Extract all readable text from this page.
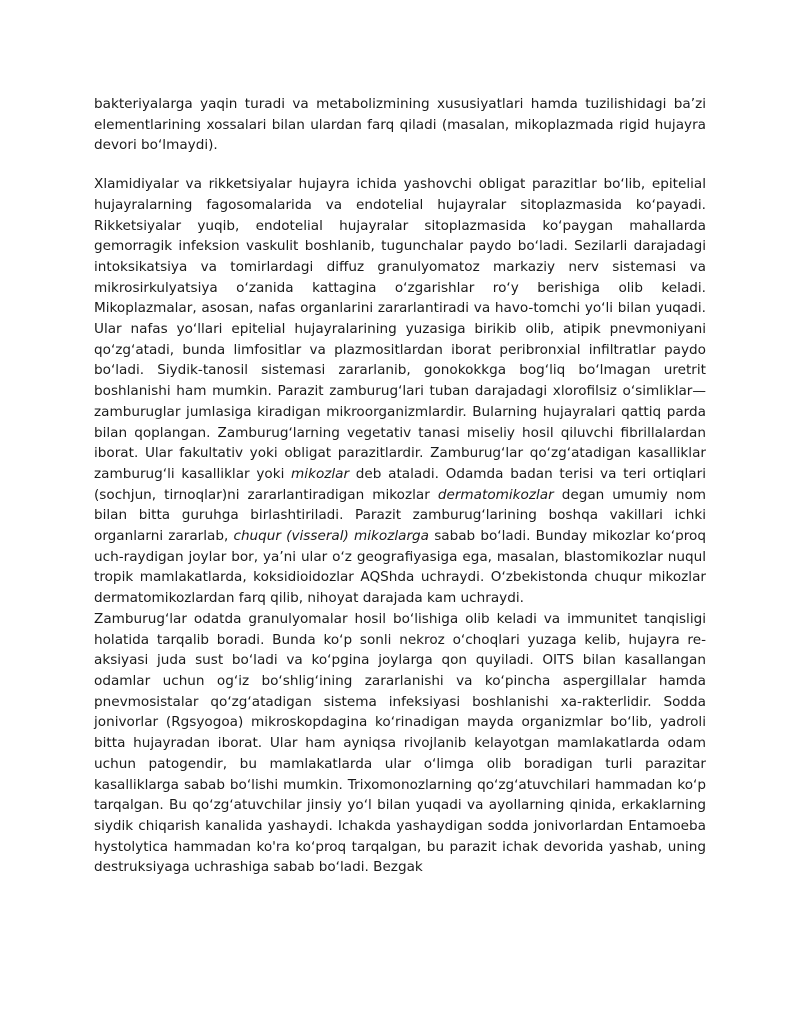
bakteriyalarga yaqin turadi va metabolizmining xususiyatlari hamda tuzilishidagi ba’zi elementlarining xossalari bilan ulardan farq qiladi (masalan, mikoplazmada rigid hujayra devori boʻlmaydi).

Xlamidiyalar va rikketsiyalar hujayra ichida yashovchi obligat parazitlar boʻlib, epitelial hujayralarning fagosomalarida va endotelial hujayralar sitoplazmasida koʻpayadi. Rikketsiyalar yuqib, endotelial hujayralar sitoplazmasida koʻpaygan mahallarda gemorragik infeksion vaskulit boshlanib, tugunchalar paydo boʻladi. Sezilarli darajadagi intoksikatsiya va tomirlardagi diffuz granulyomatoz markaziy nerv sistemasi va mikrosirkulyatsiya oʻzanida kattagina oʻzgarishlar roʻy berishiga olib keladi. Mikoplazmalar, asosan, nafas organlarini zararlantiradi va havo-tomchi yoʻli bilan yuqadi. Ular nafas yoʻllari epitelial hujayralarining yuzasiga birikib olib, atipik pnevmoniyani qoʻzgʻatadi, bunda limfositlar va plazmositlardan iborat peribronxial infiltratlar paydo boʻladi. Siydik-tanosil sistemasi zararlanib, gonokokkga bogʻliq boʻlmagan uretrit boshlanishi ham mumkin. Parazit zamburugʻlari tuban darajadagi xlorofilsiz oʻsimliklar—zamburuglar jumlasiga kiradigan mikroorganizmlardir. Bularning hujayralari qattiq parda bilan qoplangan. Zamburugʻlarning vegetativ tanasi miseliy hosil qiluvchi fibrillalardan iborat. Ular fakultativ yoki obligat parazitlardir. Zamburugʻlar qoʻzgʻatadigan kasalliklar zamburugʻli kasalliklar yoki mikozlar deb ataladi. Odamda badan terisi va teri ortiqlari (sochjun, tirnoqlar)ni zararlantiradigan mikozlar dermatomikozlar degan umumiy nom bilan bitta guruhga birlashtiriladi. Parazit zamburugʻlarining boshqa vakillari ichki organlarni zararlab, chuqur (visseral) mikozlarga sabab boʻladi. Bunday mikozlar koʻproq uch-raydigan joylar bor, ya’ni ular oʻz geografiyasiga ega, masalan, blastomikozlar nuqul tropik mamlakatlarda, koksidioidozlar AQShda uchraydi. Oʻzbekistonda chuqur mikozlar dermatomikozlardan farq qilib, nihoyat darajada kam uchraydi.

Zamburugʻlar odatda granulyomalar hosil boʻlishiga olib keladi va immunitet tanqisligi holatida tarqalib boradi. Bunda koʻp sonli nekroz oʻchoqlari yuzaga kelib, hujayra re-aksiyasi juda sust boʻladi va koʻpgina joylarga qon quyiladi. OITS bilan kasallangan odamlar uchun ogʻiz boʻshligʻining zararlanishi va koʻpincha aspergillalar hamda pnevmosistalar qoʻzgʻatadigan sistema infeksiyasi boshlanishi xa-rakterlidir. Sodda jonivorlar (Rgsyogoa) mikroskopdagina koʻrinadigan mayda organizmlar boʻlib, yadroli bitta hujayradan iborat. Ular ham ayniqsa rivojlanib kelayotgan mamlakatlarda odam uchun patogendir, bu mamlakatlarda ular oʻlimga olib boradigan turli parazitar kasalliklarga sabab boʻlishi mumkin. Trixomonozlarning qoʻzgʻatuvchilari hammadan koʻp tarqalgan. Bu qoʻzgʻatuvchilar jinsiy yoʻl bilan yuqadi va ayollarning qinida, erkaklarning siydik chiqarish kanalida yashaydi. Ichakda yashaydigan sodda jonivorlardan Entamoeba hystolytica hammadan ko'ra koʻproq tarqalgan, bu parazit ichak devorida yashab, uning destruksiyaga uchrashiga sabab boʻladi. Bezgak
